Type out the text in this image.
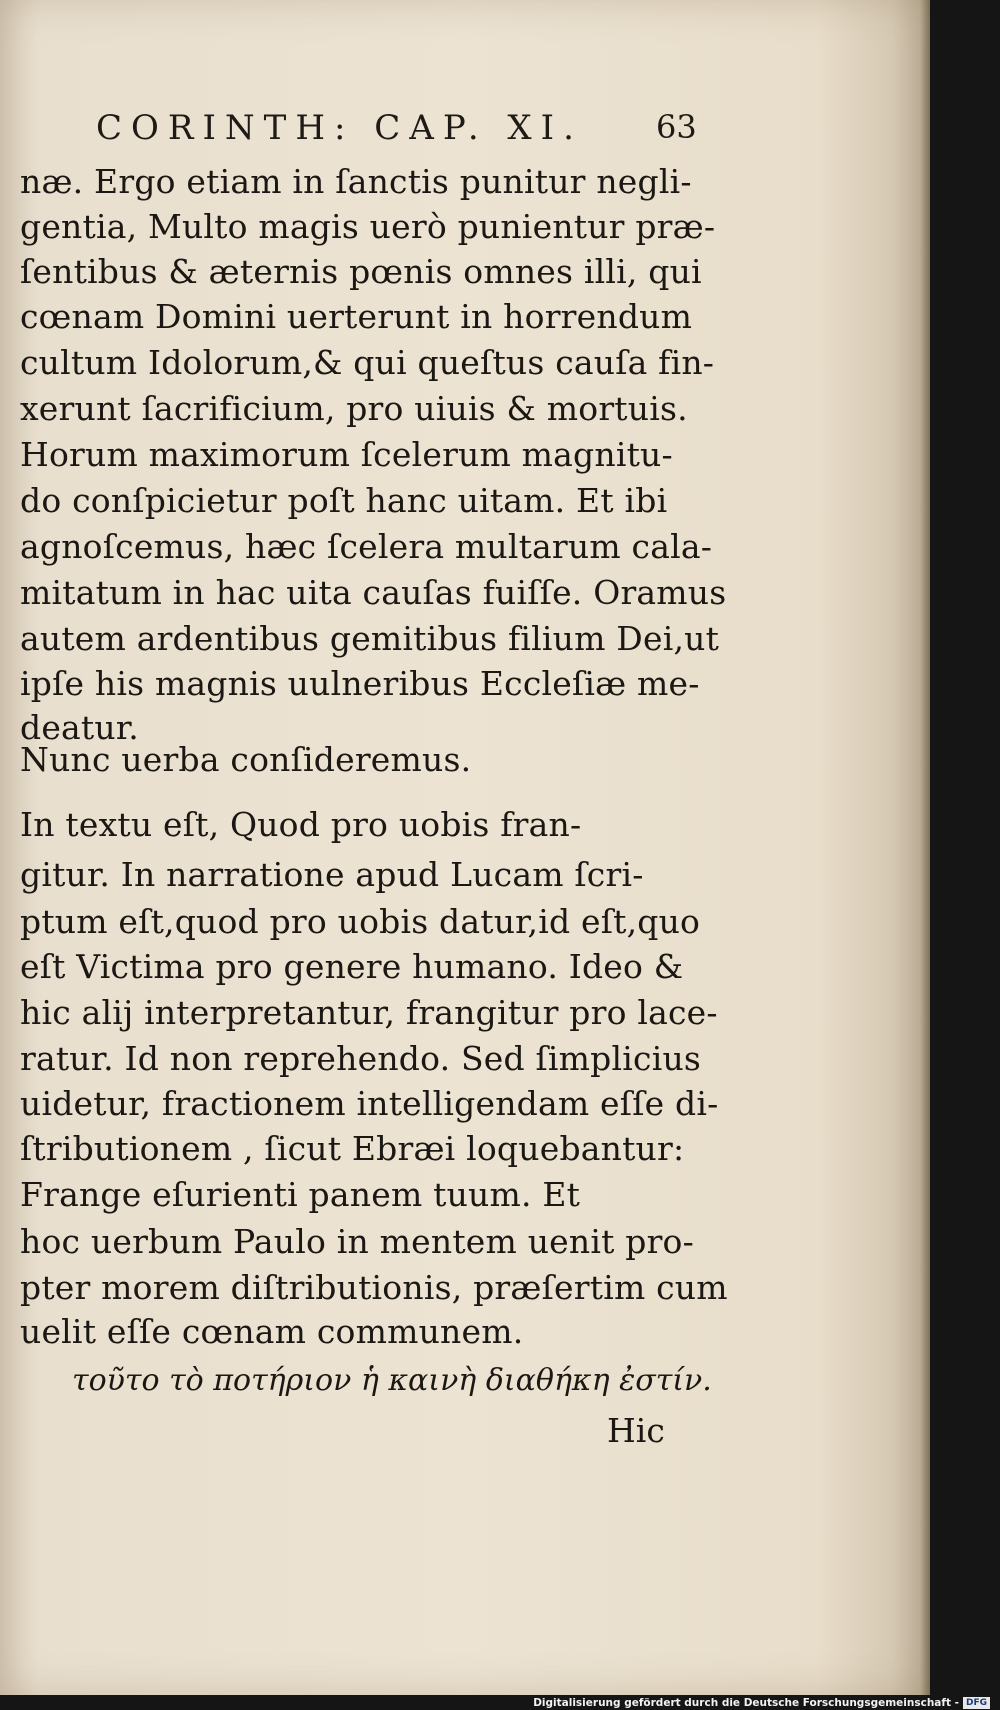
CORINTH: CAP. XI. 63

næ. Ergo etiam in ſanctis punitur negli-

gentia, Multo magis uerò punientur præ-

ſentibus & æternis pœnis omnes illi, qui

cœnam Domini uerterunt in horrendum

cultum Idolorum,& qui queſtus cauſa fin-

xerunt ſacrificium, pro uiuis & mortuis.

Horum maximorum ſcelerum magnitu-

do conſpicietur poſt hanc uitam. Et ibi

agnoſcemus, hæc ſcelera multarum cala-

mitatum in hac uita cauſas fuiſſe. Oramus

autem ardentibus gemitibus filium Dei,ut

ipſe his magnis uulneribus Eccleſiæ me-

deatur.

Nunc uerba conſideremus.

In textu eſt, Quod pro uobis fran-

gitur. In narratione apud Lucam ſcri-

ptum eſt,quod pro uobis datur,id eſt,quo

eſt Victima pro genere humano. Ideo &

hic alij interpretantur, frangitur pro lace-

ratur. Id non reprehendo. Sed ſimplicius

uidetur, fractionem intelligendam eſſe di-

ſtributionem , ſicut Ebræi loquebantur:

Frange eſurienti panem tuum. Et

hoc uerbum Paulo in mentem uenit pro-

pter morem diſtributionis, præſertim cum

uelit eſſe cœnam communem.

τοῦτο τὸ ποτήριον ἡ καινὴ διαθήκη ἐστίν.
Hic
Digitalisierung gefördert durch die Deutsche Forschungsgemeinschaft - DFG
